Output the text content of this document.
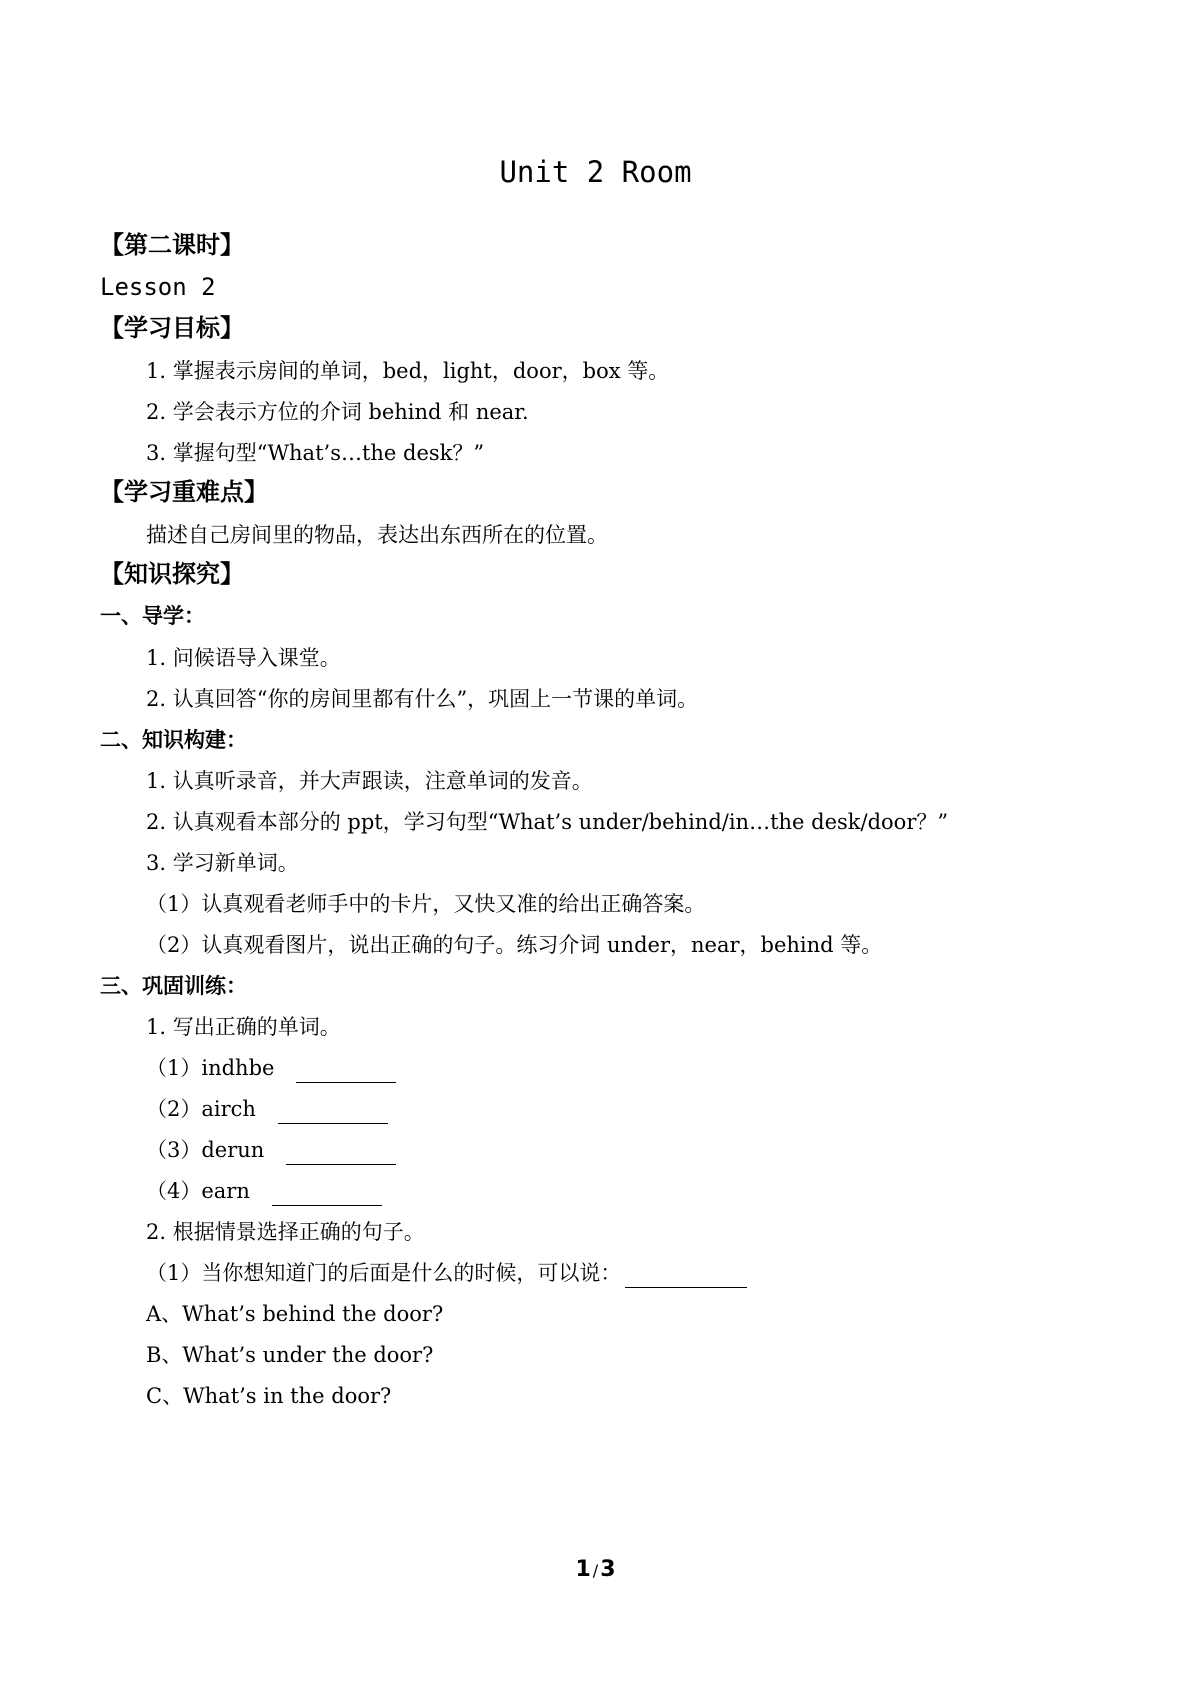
Unit 2 Room
【第二课时】
Lesson 2
【学习目标】
1. 掌握表示房间的单词，bed，light，door，box 等。
2. 学会表示方位的介词 behind 和 near.
3. 掌握句型“What’s…the desk？”
【学习重难点】
描述自己房间里的物品，表达出东西所在的位置。
【知识探究】
一、导学：
1. 问候语导入课堂。
2. 认真回答“你的房间里都有什么”，巩固上一节课的单词。
二、知识构建：
1. 认真听录音，并大声跟读，注意单词的发音。
2. 认真观看本部分的 ppt，学习句型“What’s under/behind/in…the desk/door？”
3. 学习新单词。
（1）认真观看老师手中的卡片，又快又准的给出正确答案。
（2）认真观看图片，说出正确的句子。练习介词 under，near，behind 等。
三、巩固训练：
1. 写出正确的单词。
（1）indhbe
（2）airch
（3）derun
（4）earn
2. 根据情景选择正确的句子。
（1）当你想知道门的后面是什么的时候，可以说：
A、What’s behind the door?
B、What’s under the door?
C、What’s in the door?
1 /3
